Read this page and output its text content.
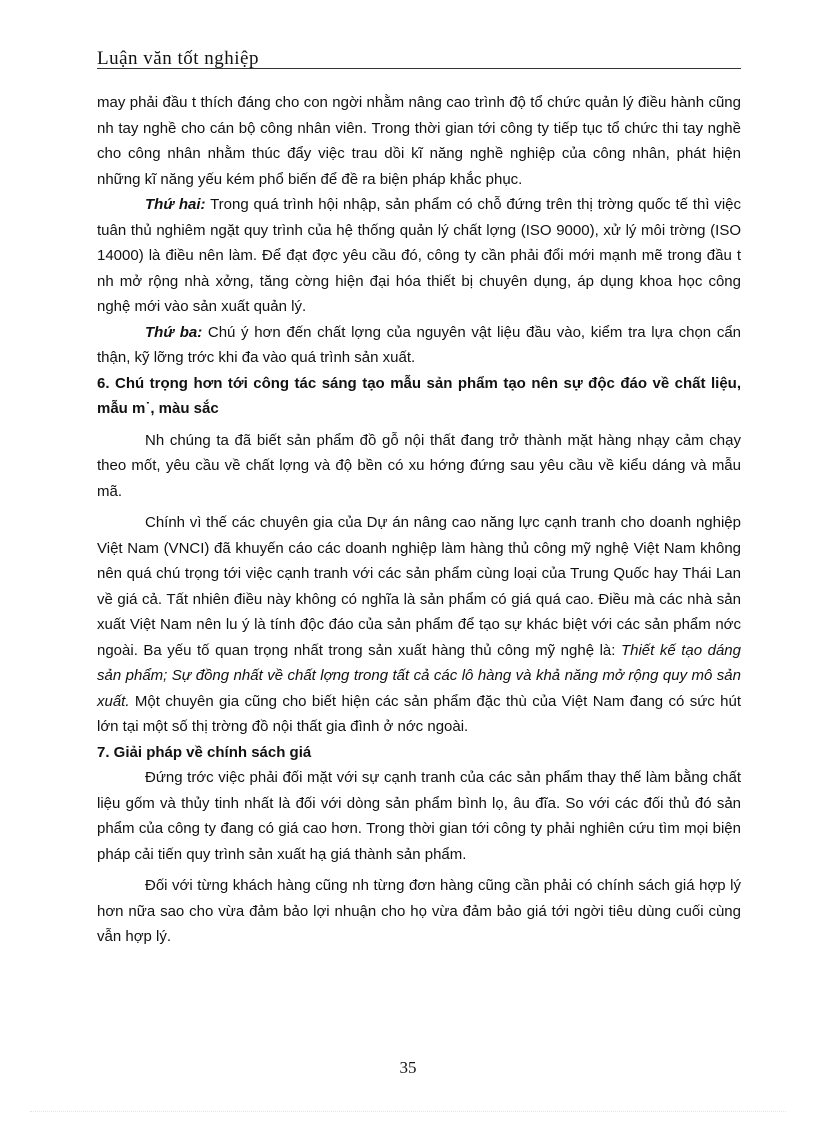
Luận văn tốt nghiệp

may phải đầu t thích đáng cho con ngời nhằm nâng cao trình độ tổ chức quản lý điều hành cũng nh tay nghề cho cán bộ công nhân viên. Trong thời gian tới công ty tiếp tục tổ chức thi tay nghề cho công nhân nhằm thúc đẩy việc trau dồi kĩ năng nghề nghiệp của công nhân, phát hiện những kĩ năng yếu kém phổ biến để đề ra biện pháp khắc phục.

Thứ hai: Trong quá trình hội nhập, sản phẩm có chỗ đứng trên thị trờng quốc tế thì việc tuân thủ nghiêm ngặt quy trình của hệ thống quản lý chất lợng (ISO 9000), xử lý môi trờng (ISO 14000) là điều nên làm. Để đạt đợc yêu cầu đó, công ty cần phải đổi mới mạnh mẽ trong đầu t nh mở rộng nhà xởng, tăng cờng hiện đại hóa thiết bị chuyên dụng, áp dụng khoa học công nghệ mới vào sản xuất quản lý.

Thứ ba: Chú ý hơn đến chất lợng của nguyên vật liệu đầu vào, kiểm tra lựa chọn cẩn thận, kỹ lỡng trớc khi đa vào quá trình sản xuất.

6. Chú trọng hơn tới công tác sáng tạo mẫu sản phẩm tạo nên sự độc đáo về chất liệu, mẫu m˙, màu sắc

Nh chúng ta đã biết sản phẩm đồ gỗ nội thất đang trở thành mặt hàng nhạy cảm chạy theo mốt, yêu cầu về chất lợng và độ bền có xu hớng đứng sau yêu cầu về kiểu dáng và mẫu mã.

Chính vì thế các chuyên gia của Dự án nâng cao năng lực cạnh tranh cho doanh nghiệp Việt Nam (VNCI) đã khuyến cáo các doanh nghiệp làm hàng thủ công mỹ nghệ Việt Nam không nên quá chú trọng tới việc cạnh tranh với các sản phẩm cùng loại của Trung Quốc hay Thái Lan về giá cả. Tất nhiên điều này không có nghĩa là sản phẩm có giá quá cao. Điều mà các nhà sản xuất Việt Nam nên lu ý là tính độc đáo của sản phẩm để tạo sự khác biệt với các sản phẩm nớc ngoài. Ba yếu tố quan trọng nhất trong sản xuất hàng thủ công mỹ nghệ là: Thiết kế tạo dáng sản phẩm; Sự đồng nhất về chất lợng trong tất cả các lô hàng và khả năng mở rộng quy mô sản xuất. Một chuyên gia cũng cho biết hiện các sản phẩm đặc thù của Việt Nam đang có sức hút lớn tại một số thị trờng đồ nội thất gia đình ở nớc ngoài.

7. Giải pháp về chính sách giá

Đứng trớc việc phải đối mặt với sự cạnh tranh của các sản phẩm thay thế làm bằng chất liệu gốm và thủy tinh nhất là đối với dòng sản phẩm bình lọ, âu đĩa. So với các đối thủ đó sản phẩm của công ty đang có giá cao hơn. Trong thời gian tới công ty phải nghiên cứu tìm mọi biện pháp cải tiến quy trình sản xuất hạ giá thành sản phẩm.

Đối với từng khách hàng cũng nh từng đơn hàng cũng cần phải có chính sách giá hợp lý hơn nữa sao cho vừa đảm bảo lợi nhuận cho họ vừa đảm bảo giá tới ngời tiêu dùng cuối cùng vẫn hợp lý.

35
